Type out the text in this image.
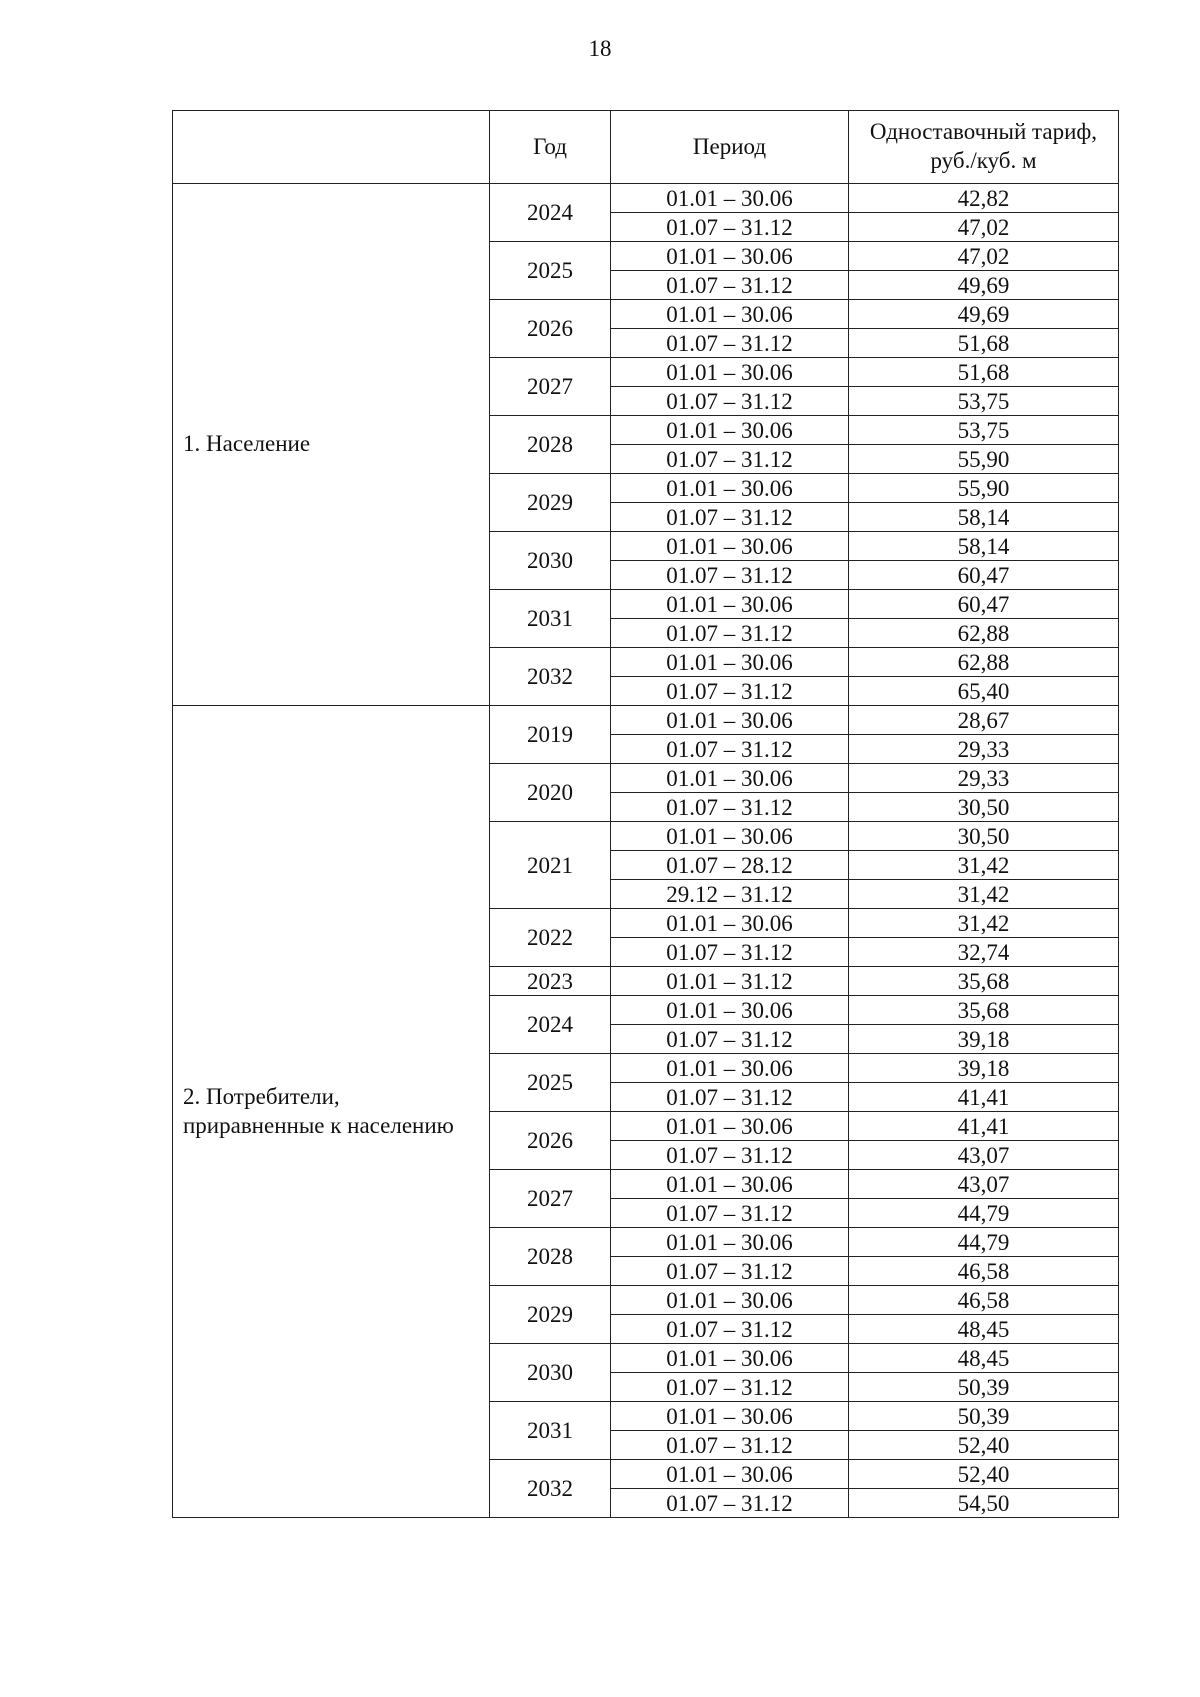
18
	Год	Период	Одноставочный тариф,
руб./куб. м
1. Население	2024	01.01 – 30.06	42,82
		01.07 – 31.12	47,02
	2025	01.01 – 30.06	47,02
		01.07 – 31.12	49,69
	2026	01.01 – 30.06	49,69
		01.07 – 31.12	51,68
	2027	01.01 – 30.06	51,68
		01.07 – 31.12	53,75
	2028	01.01 – 30.06	53,75
		01.07 – 31.12	55,90
	2029	01.01 – 30.06	55,90
		01.07 – 31.12	58,14
	2030	01.01 – 30.06	58,14
		01.07 – 31.12	60,47
	2031	01.01 – 30.06	60,47
		01.07 – 31.12	62,88
	2032	01.01 – 30.06	62,88
		01.07 – 31.12	65,40
2. Потребители,
приравненные к населению	2019	01.01 – 30.06	28,67
		01.07 – 31.12	29,33
	2020	01.01 – 30.06	29,33
		01.07 – 31.12	30,50
	2021	01.01 – 30.06	30,50
		01.07 – 28.12	31,42
		29.12 – 31.12	31,42
	2022	01.01 – 30.06	31,42
		01.07 – 31.12	32,74
	2023	01.01 – 31.12	35,68
	2024	01.01 – 30.06	35,68
		01.07 – 31.12	39,18
	2025	01.01 – 30.06	39,18
		01.07 – 31.12	41,41
	2026	01.01 – 30.06	41,41
		01.07 – 31.12	43,07
	2027	01.01 – 30.06	43,07
		01.07 – 31.12	44,79
	2028	01.01 – 30.06	44,79
		01.07 – 31.12	46,58
	2029	01.01 – 30.06	46,58
		01.07 – 31.12	48,45
	2030	01.01 – 30.06	48,45
		01.07 – 31.12	50,39
	2031	01.01 – 30.06	50,39
		01.07 – 31.12	52,40
	2032	01.01 – 30.06	52,40
		01.07 – 31.12	54,50
